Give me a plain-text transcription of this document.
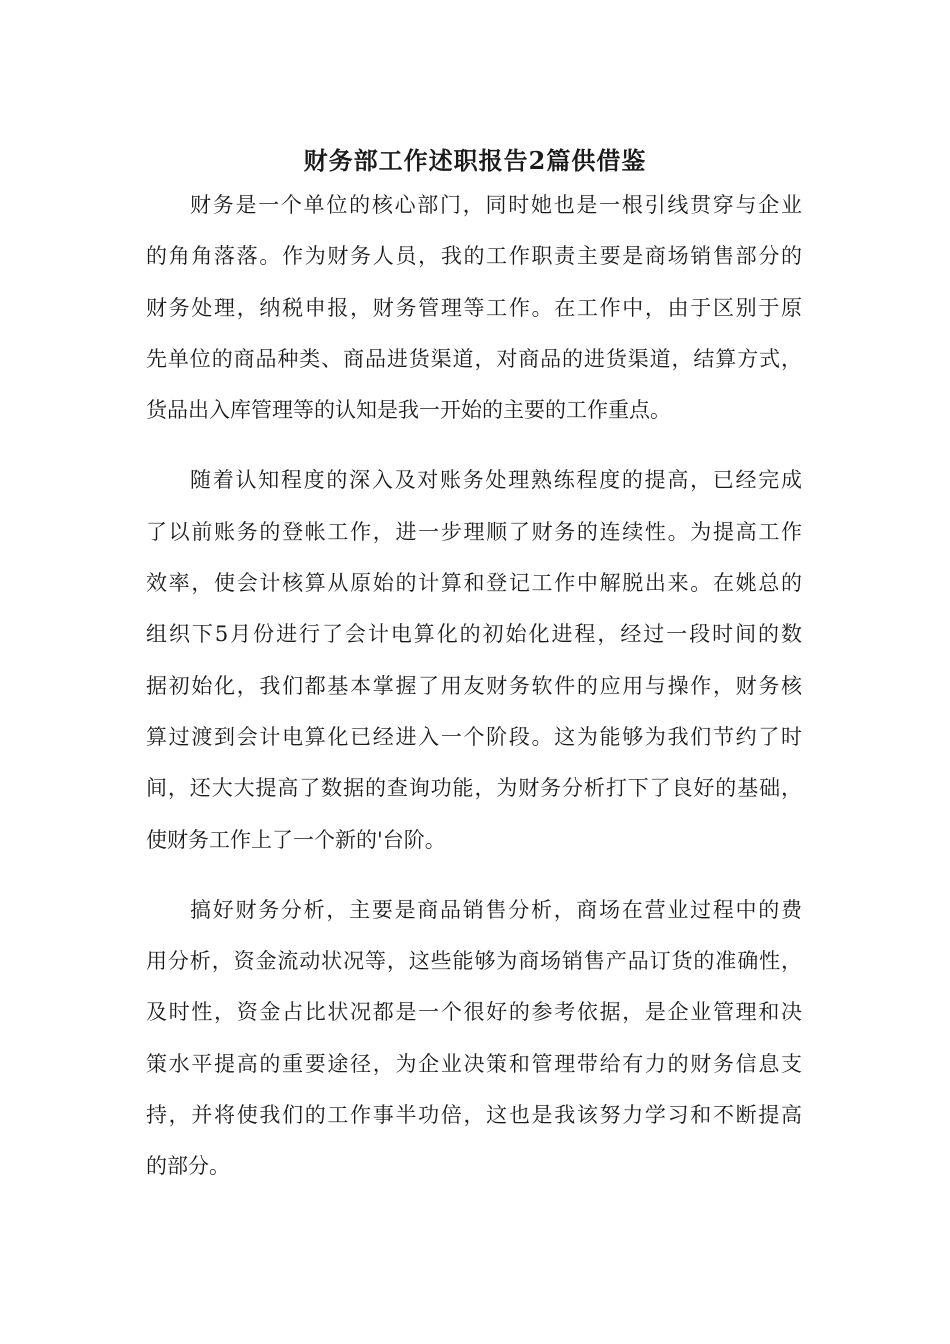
财务部工作述职报告2篇供借鉴
财务是一个单位的核心部门，同时她也是一根引线贯穿与企业
的角角落落。作为财务人员，我的工作职责主要是商场销售部分的
财务处理，纳税申报，财务管理等工作。在工作中，由于区别于原
先单位的商品种类、商品进货渠道，对商品的进货渠道，结算方式，
货品出入库管理等的认知是我一开始的主要的工作重点。
随着认知程度的深入及对账务处理熟练程度的提高，已经完成
了以前账务的登帐工作，进一步理顺了财务的连续性。为提高工作
效率，使会计核算从原始的计算和登记工作中解脱出来。在姚总的
组织下5月份进行了会计电算化的初始化进程，经过一段时间的数
据初始化，我们都基本掌握了用友财务软件的应用与操作，财务核
算过渡到会计电算化已经进入一个阶段。这为能够为我们节约了时
间，还大大提高了数据的查询功能，为财务分析打下了良好的基础，
使财务工作上了一个新的'台阶。
搞好财务分析，主要是商品销售分析，商场在营业过程中的费
用分析，资金流动状况等，这些能够为商场销售产品订货的准确性，
及时性，资金占比状况都是一个很好的参考依据，是企业管理和决
策水平提高的重要途径，为企业决策和管理带给有力的财务信息支
持，并将使我们的工作事半功倍，这也是我该努力学习和不断提高
的部分。
